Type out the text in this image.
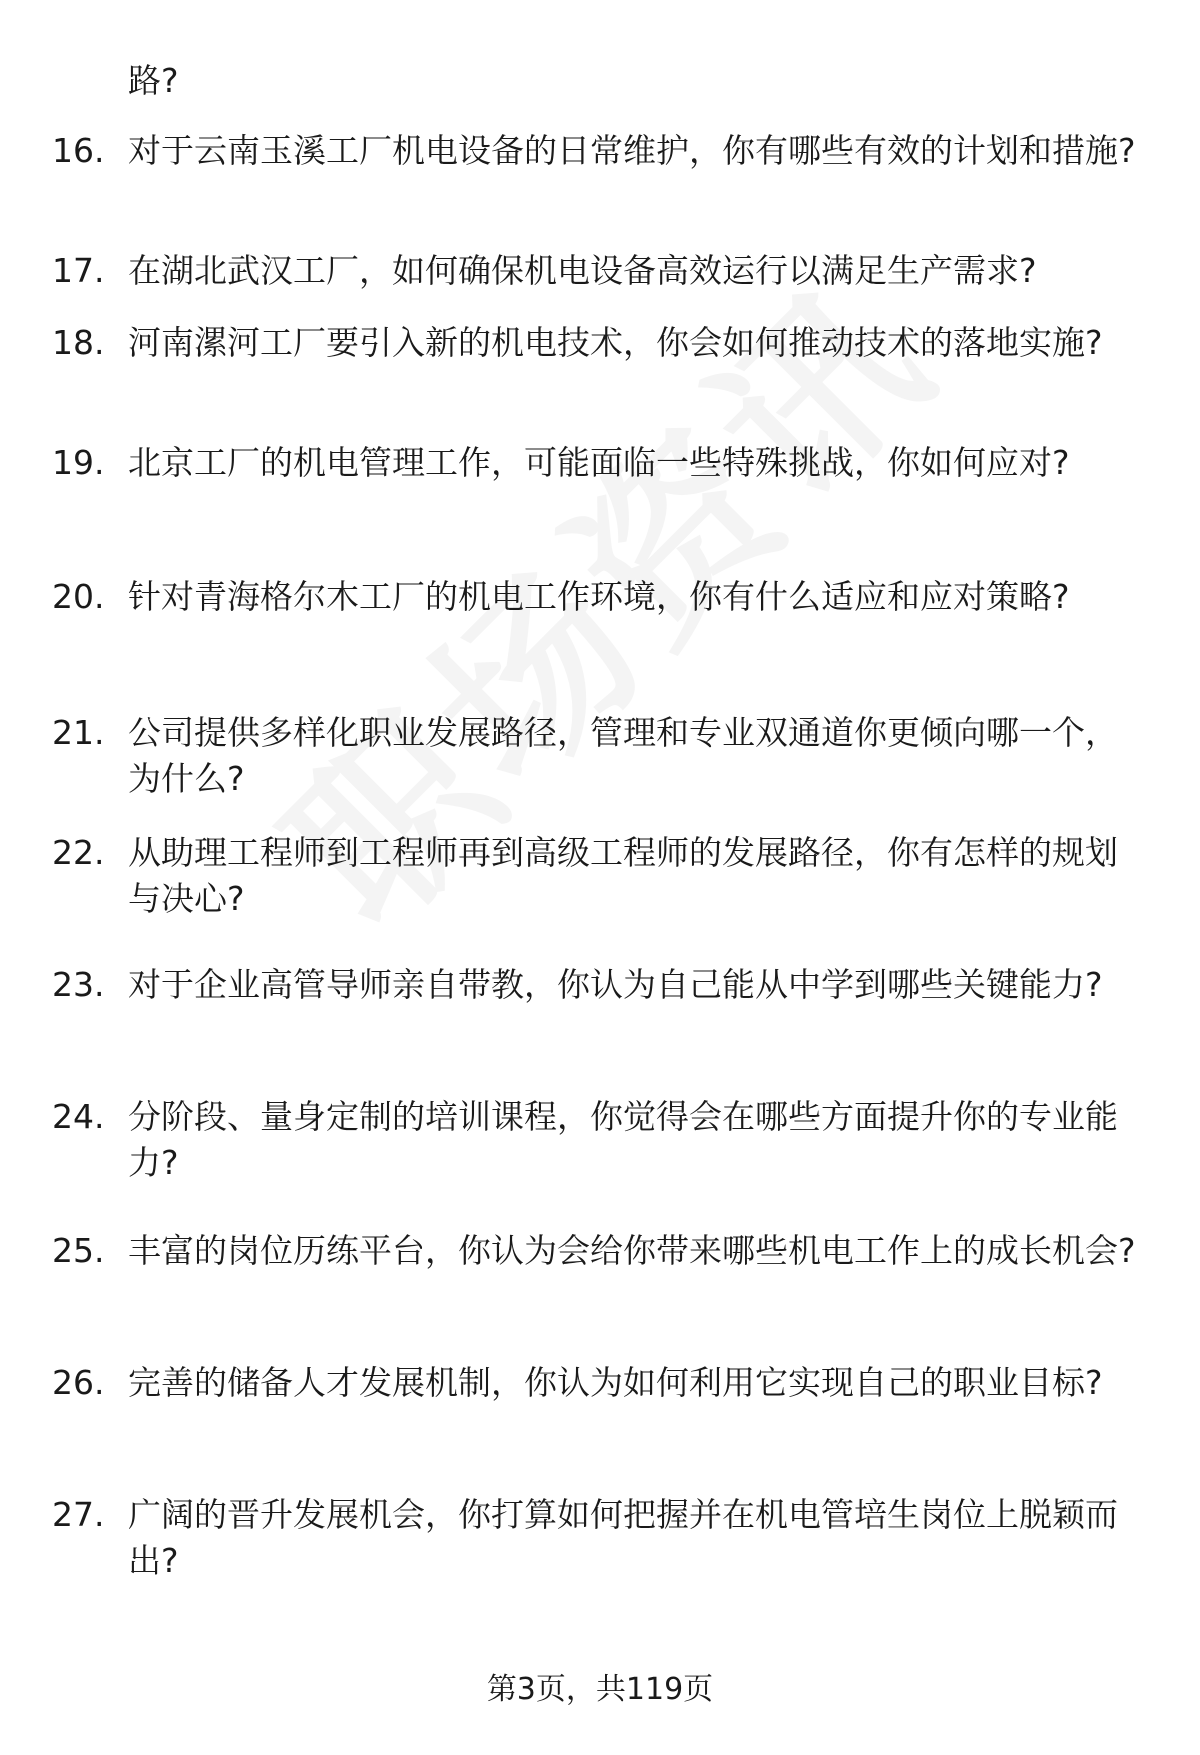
路?

16. 对于云南玉溪工厂机电设备的日常维护，你有哪些有效的计划和措施?

17. 在湖北武汉工厂，如何确保机电设备高效运行以满足生产需求?

18. 河南漯河工厂要引入新的机电技术，你会如何推动技术的落地实施?

19. 北京工厂的机电管理工作，可能面临一些特殊挑战，你如何应对?

20. 针对青海格尔木工厂的机电工作环境，你有什么适应和应对策略?

21. 公司提供多样化职业发展路径，管理和专业双通道你更倾向哪一个，为什么?

22. 从助理工程师到工程师再到高级工程师的发展路径，你有怎样的规划与决心?

23. 对于企业高管导师亲自带教，你认为自己能从中学到哪些关键能力?

24. 分阶段、量身定制的培训课程，你觉得会在哪些方面提升你的专业能力?

25. 丰富的岗位历练平台，你认为会给你带来哪些机电工作上的成长机会?

26. 完善的储备人才发展机制，你认为如何利用它实现自己的职业目标?

27. 广阔的晋升发展机会，你打算如何把握并在机电管培生岗位上脱颖而出?

第3页，共119页
